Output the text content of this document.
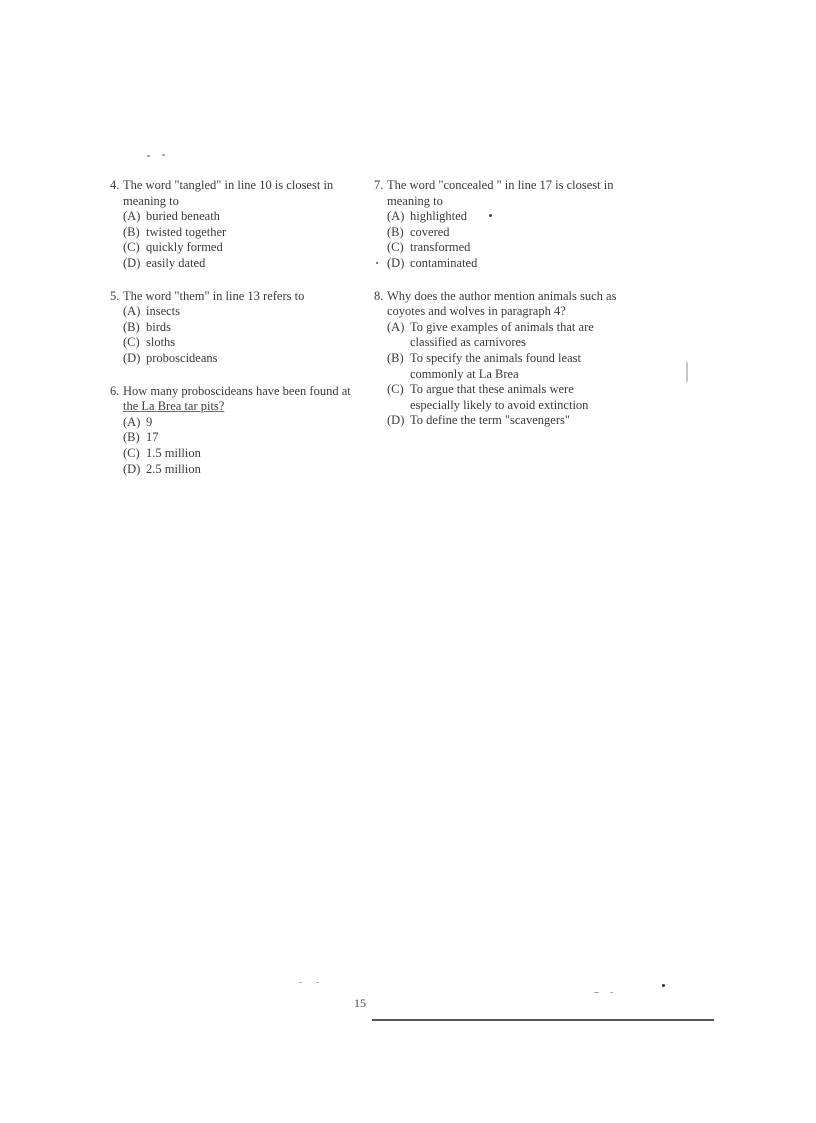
4. The word "tangled" in line 10 is closest in meaning to
(A) buried beneath
(B) twisted together
(C) quickly formed
(D) easily dated
5. The word "them" in line 13 refers to
(A) insects
(B) birds
(C) sloths
(D) proboscideans
6. How many proboscideans have been found at the La Brea tar pits?
(A) 9
(B) 17
(C) 1.5 million
(D) 2.5 million
7. The word "concealed " in line 17 is closest in meaning to
(A) highlighted
(B) covered
(C) transformed
(D) contaminated
8. Why does the author mention animals such as coyotes and wolves in paragraph 4?
(A) To give examples of animals that are classified as carnivores
(B) To specify the animals found least commonly at La Brea
(C) To argue that these animals were especially likely to avoid extinction
(D) To define the term "scavengers"
15
